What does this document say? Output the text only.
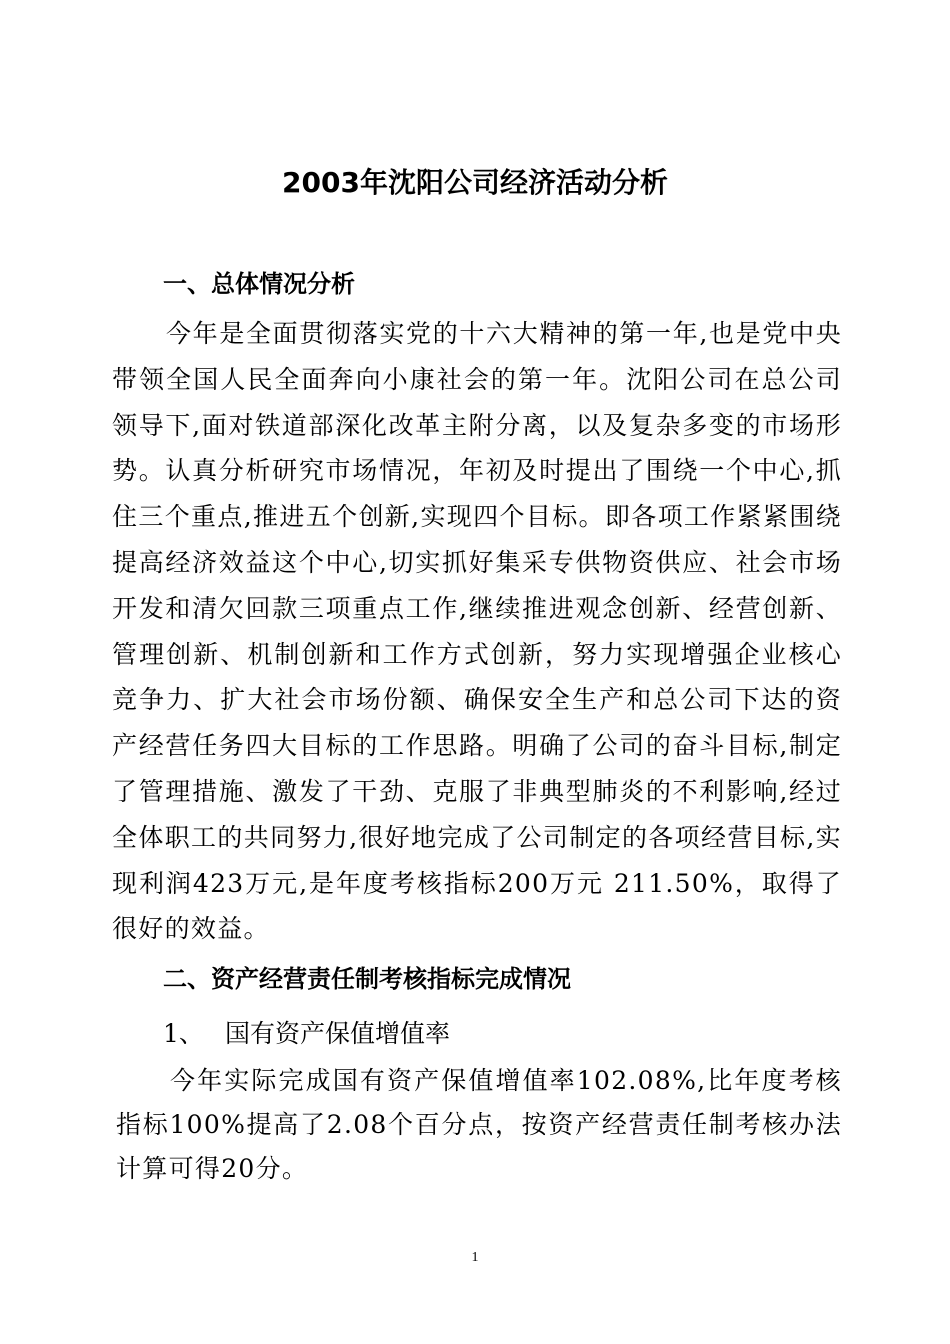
2003年沈阳公司经济活动分析
一、总体情况分析

今年是全面贯彻落实党的十六大精神的第一年,也是党中央带领全国人民全面奔向小康社会的第一年。沈阳公司在总公司领导下,面对铁道部深化改革主附分离，以及复杂多变的市场形势。认真分析研究市场情况，年初及时提出了围绕一个中心,抓住三个重点,推进五个创新,实现四个目标。即各项工作紧紧围绕提高经济效益这个中心,切实抓好集采专供物资供应、社会市场开发和清欠回款三项重点工作,继续推进观念创新、经营创新、管理创新、机制创新和工作方式创新，努力实现增强企业核心竞争力、扩大社会市场份额、确保安全生产和总公司下达的资产经营任务四大目标的工作思路。明确了公司的奋斗目标,制定了管理措施、激发了干劲、克服了非典型肺炎的不利影响,经过全体职工的共同努力,很好地完成了公司制定的各项经营目标,实现利润423万元,是年度考核指标200万元 211.50%，取得了很好的效益。

二、资产经营责任制考核指标完成情况

1、 国有资产保值增值率

今年实际完成国有资产保值增值率102.08%,比年度考核指标100%提高了2.08个百分点，按资产经营责任制考核办法计算可得20分。

1
